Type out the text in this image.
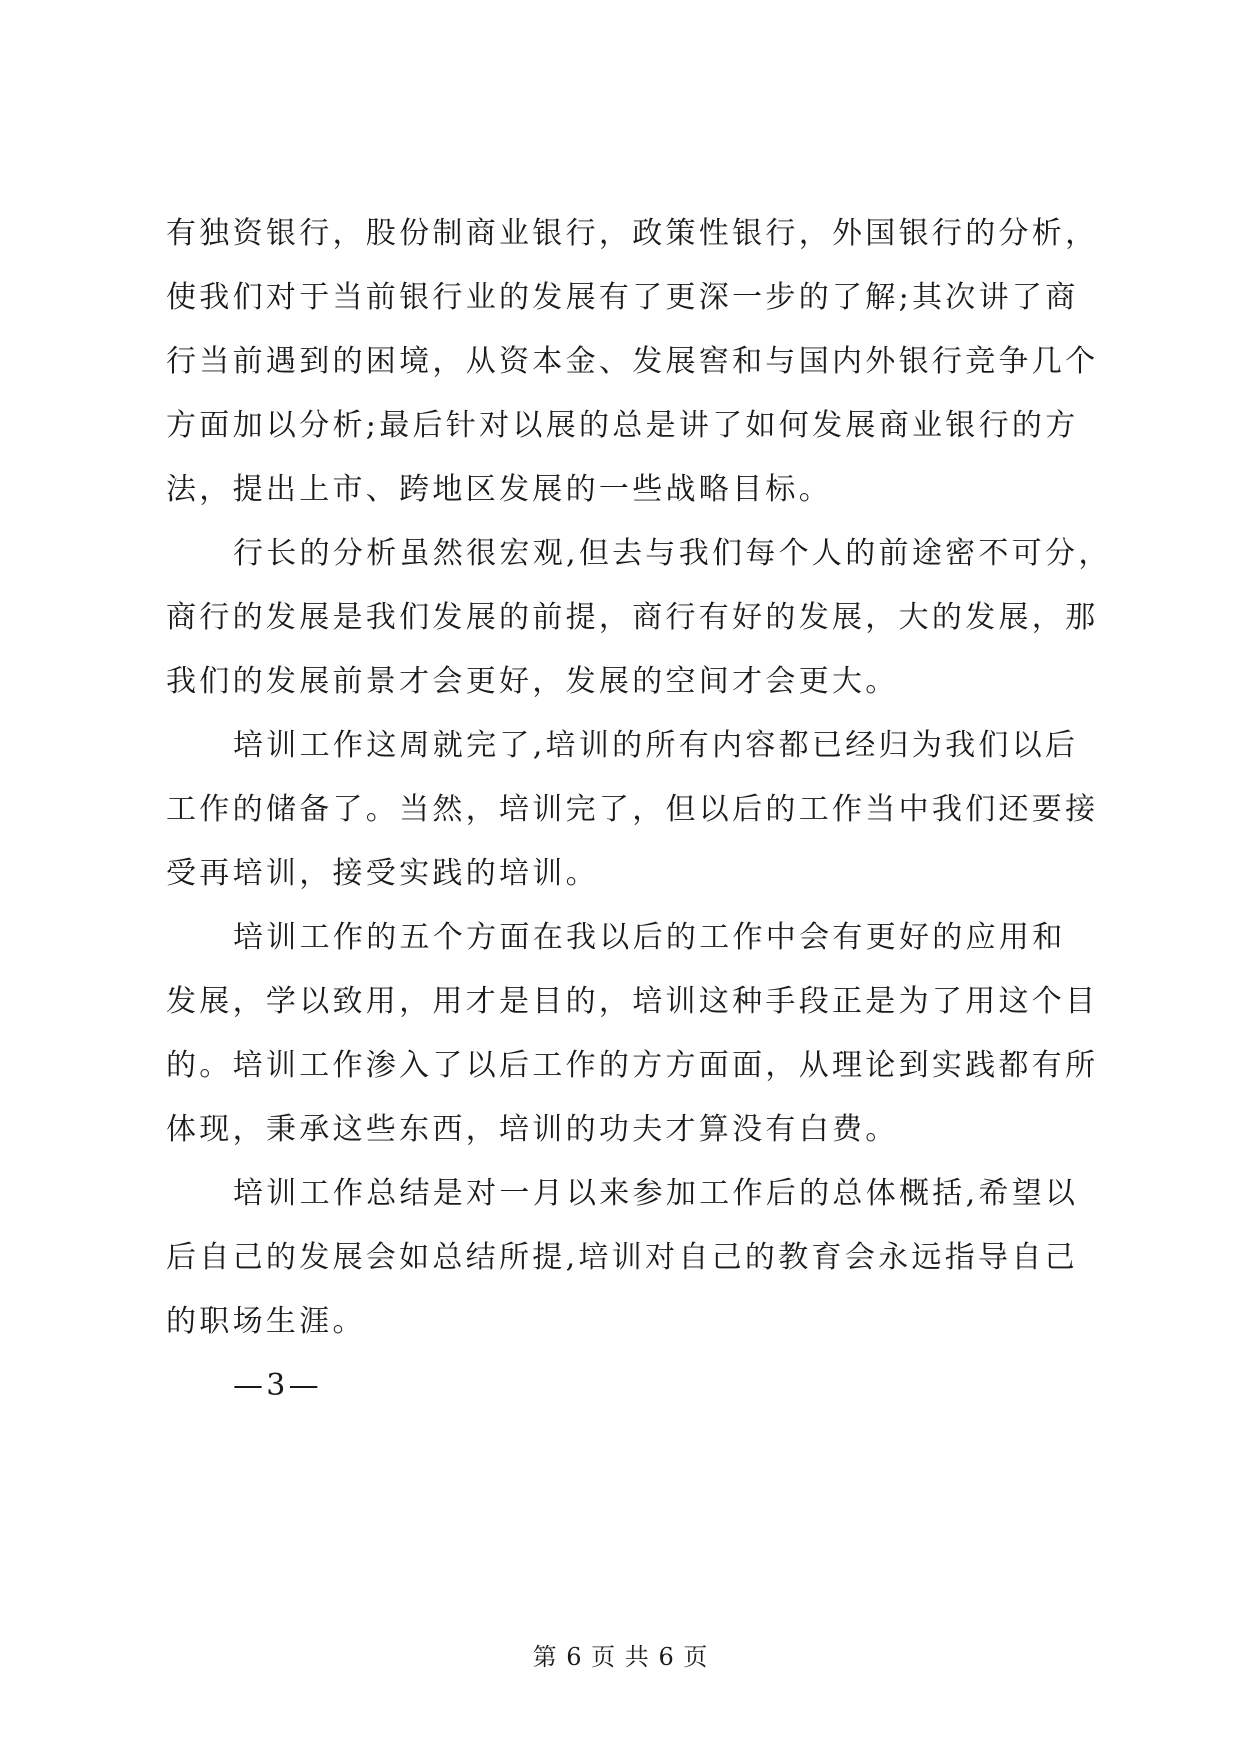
有独资银行，股份制商业银行，政策性银行，外国银行的分析，
使我们对于当前银行业的发展有了更深一步的了解;其次讲了商
行当前遇到的困境，从资本金、发展窖和与国内外银行竞争几个
方面加以分析;最后针对以展的总是讲了如何发展商业银行的方
法，提出上市、跨地区发展的一些战略目标。
行长的分析虽然很宏观,但去与我们每个人的前途密不可分，
商行的发展是我们发展的前提，商行有好的发展，大的发展，那
我们的发展前景才会更好，发展的空间才会更大。
培训工作这周就完了,培训的所有内容都已经归为我们以后
工作的储备了。当然，培训完了，但以后的工作当中我们还要接
受再培训，接受实践的培训。
培训工作的五个方面在我以后的工作中会有更好的应用和
发展，学以致用，用才是目的，培训这种手段正是为了用这个目
的。培训工作渗入了以后工作的方方面面，从理论到实践都有所
体现，秉承这些东西，培训的功夫才算没有白费。
培训工作总结是对一月以来参加工作后的总体概括,希望以
后自己的发展会如总结所提,培训对自己的教育会永远指导自己
的职场生涯。
—3—
第 6 页 共 6 页
